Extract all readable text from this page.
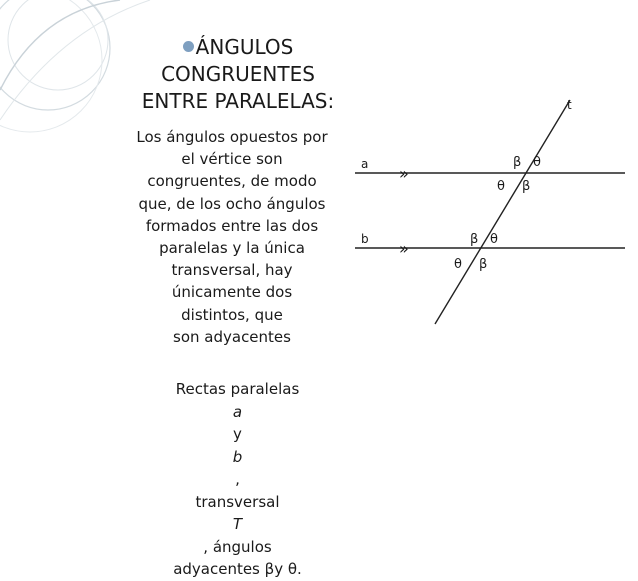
ÁNGULOS
CONGRUENTES
ENTRE PARALELAS:
Los ángulos opuestos por
el vértice son
congruentes, de modo
que, de los ocho ángulos
formados entre las dos
paralelas y la única
transversal, hay
únicamente dos
distintos, que
son adyacentes
Rectas paralelas
a
y
b
,
transversal
T
, ángulos
adyacentes βy θ.
a
b
t
»
»
β θ
θ β
β θ
θ β
